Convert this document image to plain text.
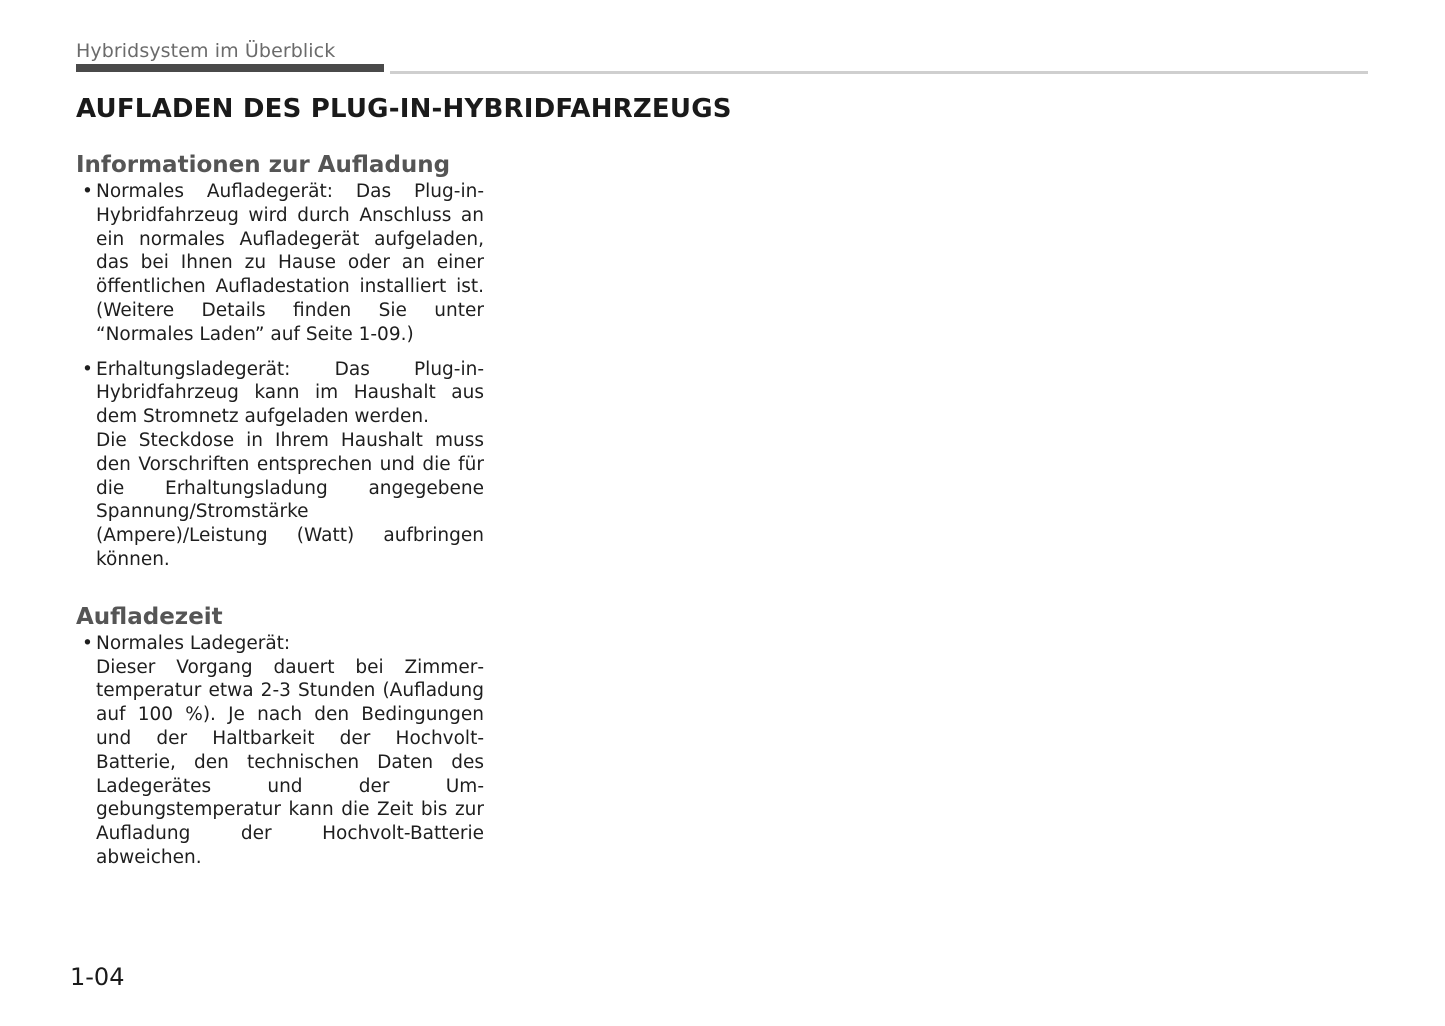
Hybridsystem im Überblick
AUFLADEN DES PLUG-IN-HYBRIDFAHRZEUGS
Informationen zur Aufladung

• Normales Aufladegerät: Das Plug-in-Hybridfahrzeug wird durch Anschluss an ein normales Aufladegerät aufgeladen, das bei Ihnen zu Hause oder an einer öffentlichen Aufladestation installiert ist. (Weitere Details finden Sie unter “Normales Laden” auf Seite 1-09.)

• Erhaltungsladegerät: Das Plug-in-Hybridfahrzeug kann im Haushalt aus dem Stromnetz aufgeladen werden.

Die Steckdose in Ihrem Haushalt muss den Vorschriften entsprechen und die für die Erhaltungsladung angegebene Spannung/Stromstärke (Ampere)/Leistung (Watt) aufbringen können.

Aufladezeit

• Normales Ladegerät:

Dieser Vorgang dauert bei Zimmertemperatur etwa 2-3 Stunden (Aufladung auf 100 %). Je nach den Bedingungen und der Haltbarkeit der Hochvolt-Batterie, den technischen Daten des Ladegerätes und der Umgebungstemperatur kann die Zeit bis zur Aufladung der Hochvolt-Batterie abweichen.

1-04
